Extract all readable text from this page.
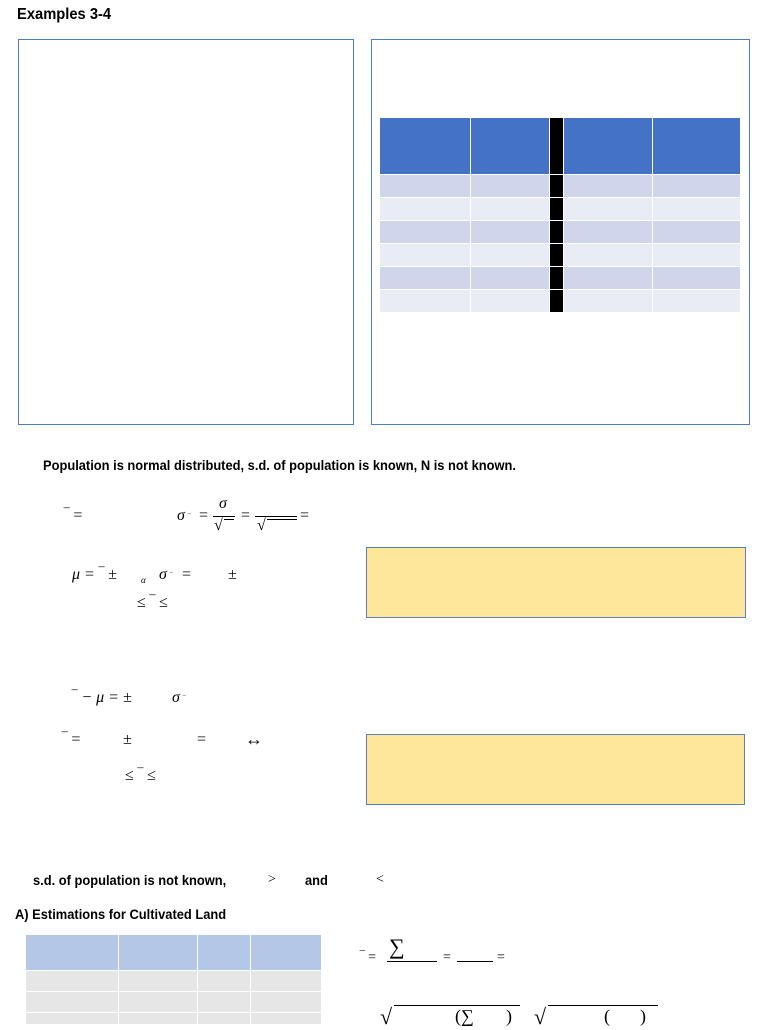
Examples 3-4

Population is normal distributed, s.d. of population is known, N is not known.
‾ =	σ ‾ =
σ
√
=
√
=
μ = ‾ ±	α σ ‾ = ±
≤ ‾ ≤
‾ − μ = ±	σ ‾
‾ =	±	= ↔
≤ ‾ ≤
s.d. of population is not known,	> and	<
A) Estimations for Cultivated Land

‾ = ∑	=	=
√	(∑ ) √	( )
